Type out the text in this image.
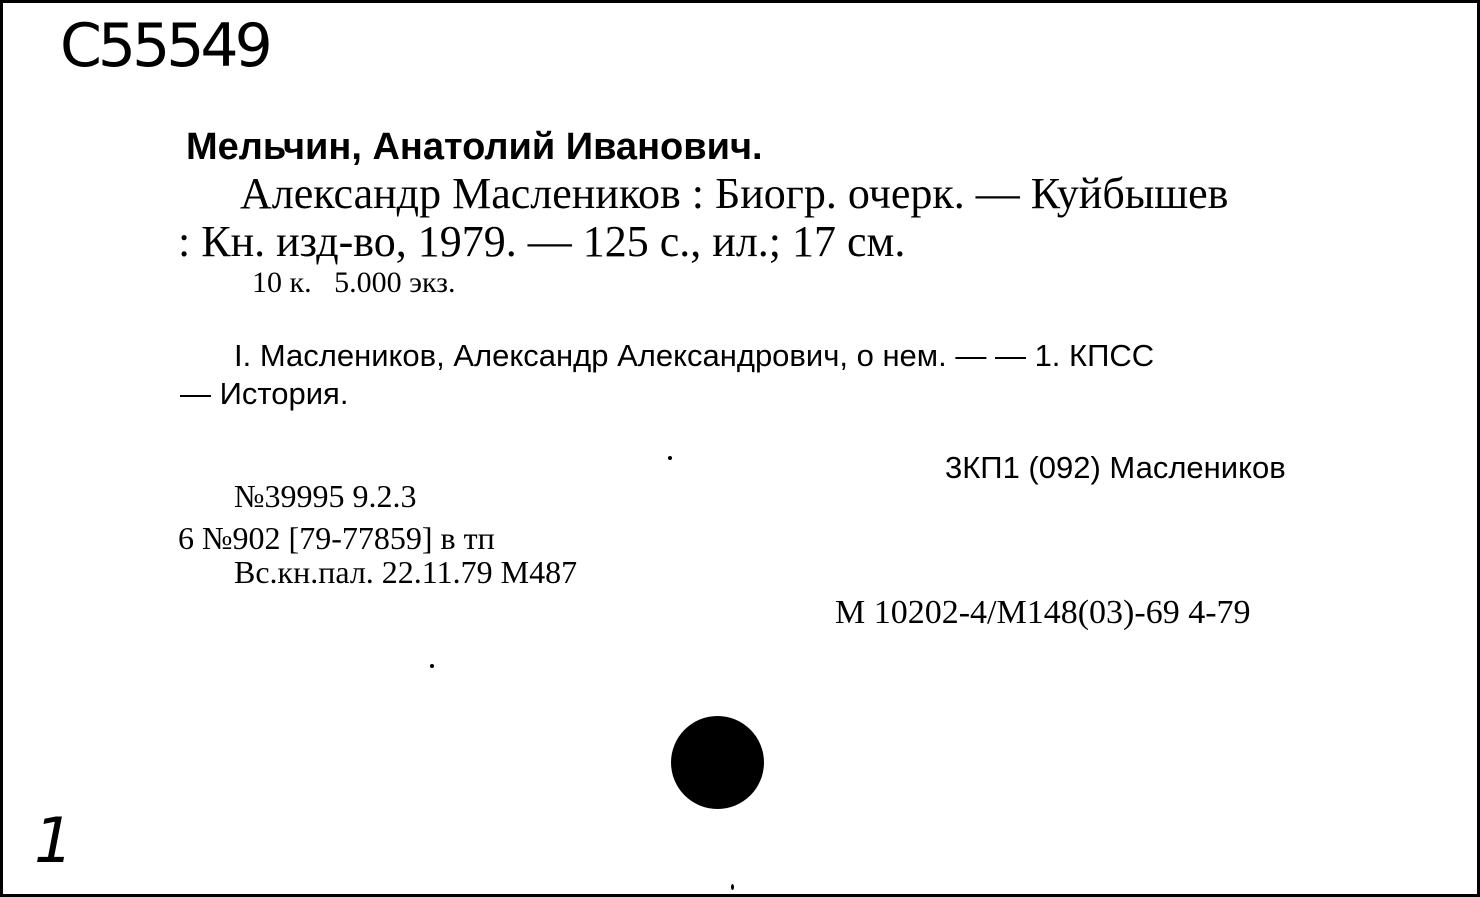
С55549
Мельчин, Анатолий Иванович.
Александр Маслеников : Биогр. очерк. — Куйбышев
: Кн. изд-во, 1979. — 125 с., ил.; 17 см.
10 к.   5.000 экз.
I. Маслеников, Александр Александрович, о нем. — — 1. КПСС
— История.
3КП1 (092) Маслеников
№39995 9.2.3
6 №902 [79-77859] в тп
Вс.кн.пал. 22.11.79 М487
М 10202-4/М148(03)-69 4-79
1
